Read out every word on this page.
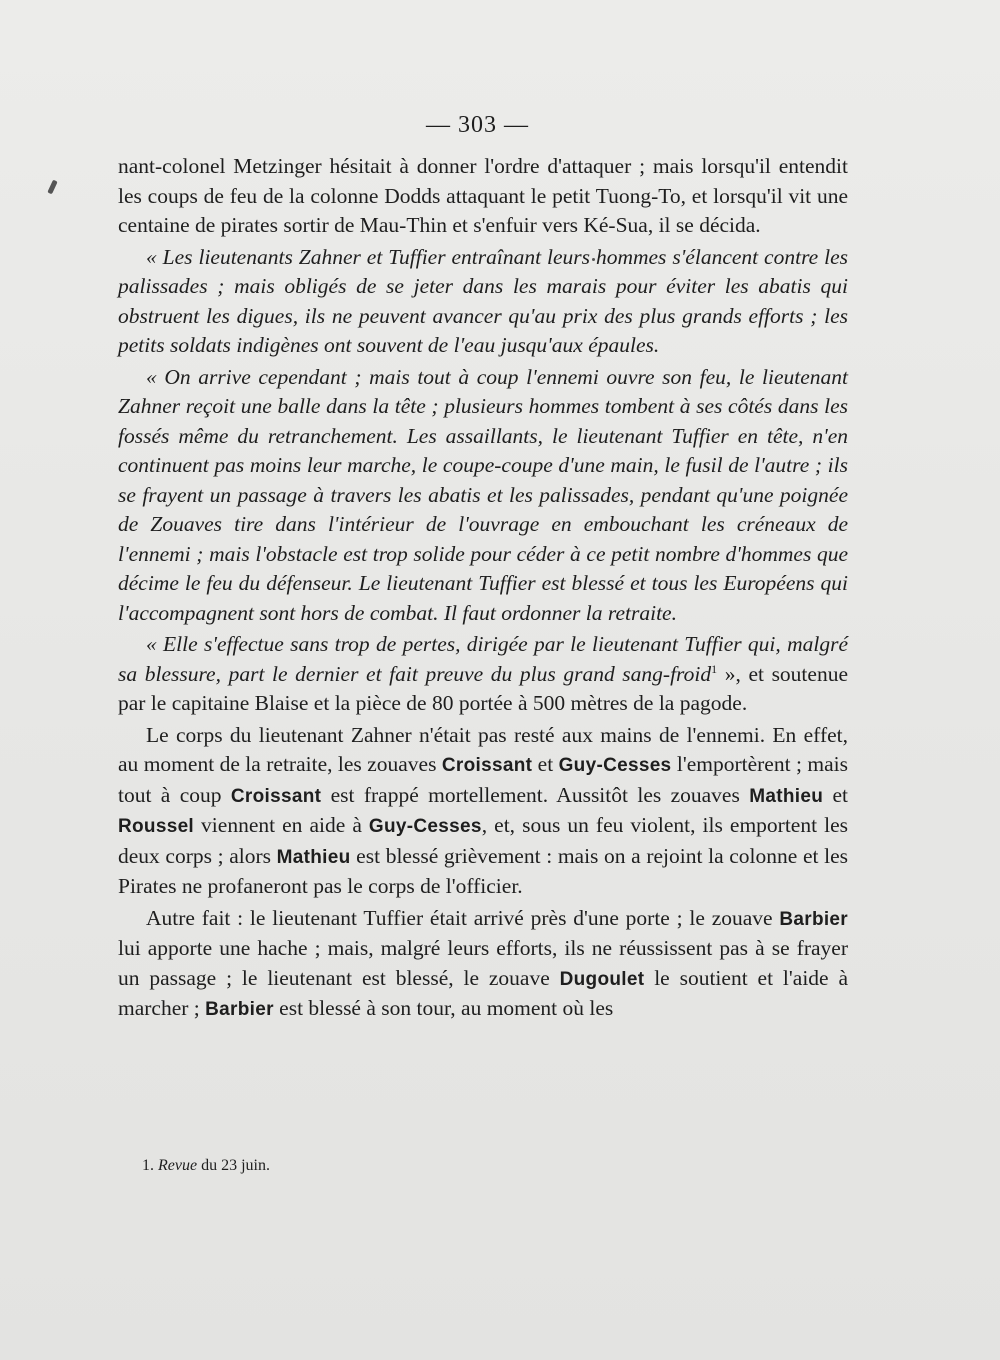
— 303 —

nant-colonel Metzinger hésitait à donner l'ordre d'attaquer ; mais lorsqu'il entendit les coups de feu de la colonne Dodds attaquant le petit Tuong-To, et lorsqu'il vit une centaine de pirates sortir de Mau-Thin et s'enfuir vers Ké-Sua, il se décida.

« Les lieutenants Zahner et Tuffier entraînant leurs hommes s'élancent contre les palissades ; mais obligés de se jeter dans les marais pour éviter les abatis qui obstruent les digues, ils ne peuvent avancer qu'au prix des plus grands efforts ; les petits soldats indigènes ont souvent de l'eau jusqu'aux épaules.

« On arrive cependant ; mais tout à coup l'ennemi ouvre son feu, le lieutenant Zahner reçoit une balle dans la tête ; plusieurs hommes tombent à ses côtés dans les fossés même du retranchement. Les assaillants, le lieutenant Tuffier en tête, n'en continuent pas moins leur marche, le coupe-coupe d'une main, le fusil de l'autre ; ils se frayent un passage à travers les abatis et les palissades, pendant qu'une poignée de Zouaves tire dans l'intérieur de l'ouvrage en embouchant les créneaux de l'ennemi ; mais l'obstacle est trop solide pour céder à ce petit nombre d'hommes que décime le feu du défenseur. Le lieutenant Tuffier est blessé et tous les Européens qui l'accompagnent sont hors de combat. Il faut ordonner la retraite.

« Elle s'effectue sans trop de pertes, dirigée par le lieutenant Tuffier qui, malgré sa blessure, part le dernier et fait preuve du plus grand sang-froid$^1$ », et soutenue par le capitaine Blaise et la pièce de 80 portée à 500 mètres de la pagode.

Le corps du lieutenant Zahner n'était pas resté aux mains de l'ennemi. En effet, au moment de la retraite, les zouaves Croissant et Guy-Cesses l'emportèrent ; mais tout à coup Croissant est frappé mortellement. Aussitôt les zouaves Mathieu et Roussel viennent en aide à Guy-Cesses, et, sous un feu violent, ils emportent les deux corps ; alors Mathieu est blessé grièvement : mais on a rejoint la colonne et les Pirates ne profaneront pas le corps de l'officier.

Autre fait : le lieutenant Tuffier était arrivé près d'une porte ; le zouave Barbier lui apporte une hache ; mais, malgré leurs efforts, ils ne réussissent pas à se frayer un passage ; le lieutenant est blessé, le zouave Dugoulet le soutient et l'aide à marcher ; Barbier est blessé à son tour, au moment où les

1. Revue du 23 juin.
